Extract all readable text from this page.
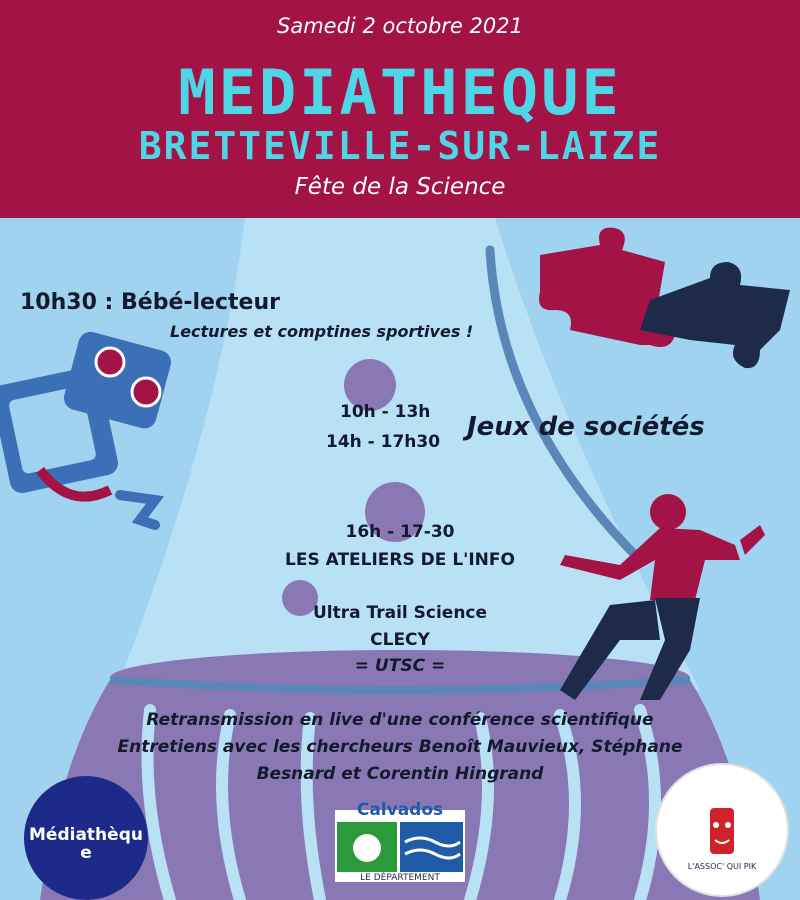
Samedi 2 octobre 2021
MEDIATHEQUE
BRETTEVILLE-SUR-LAIZE
Fête de la Science
10h30 : Bébé-lecteur
Lectures et comptines sportives !
10h - 13h
14h - 17h30 Jeux de sociétés
16h - 17-30
LES ATELIERS DE L'INFO
Ultra Trail Science
CLECY
= UTSC =
Retransmission en live d'une conférence scientifique
Entretiens avec les chercheurs Benoît Mauvieux, Stéphane
Besnard et Corentin Hingrand
Médiathèque
Calvados
LE DÉPARTEMENT
L'ASSOC' QUI PIK
